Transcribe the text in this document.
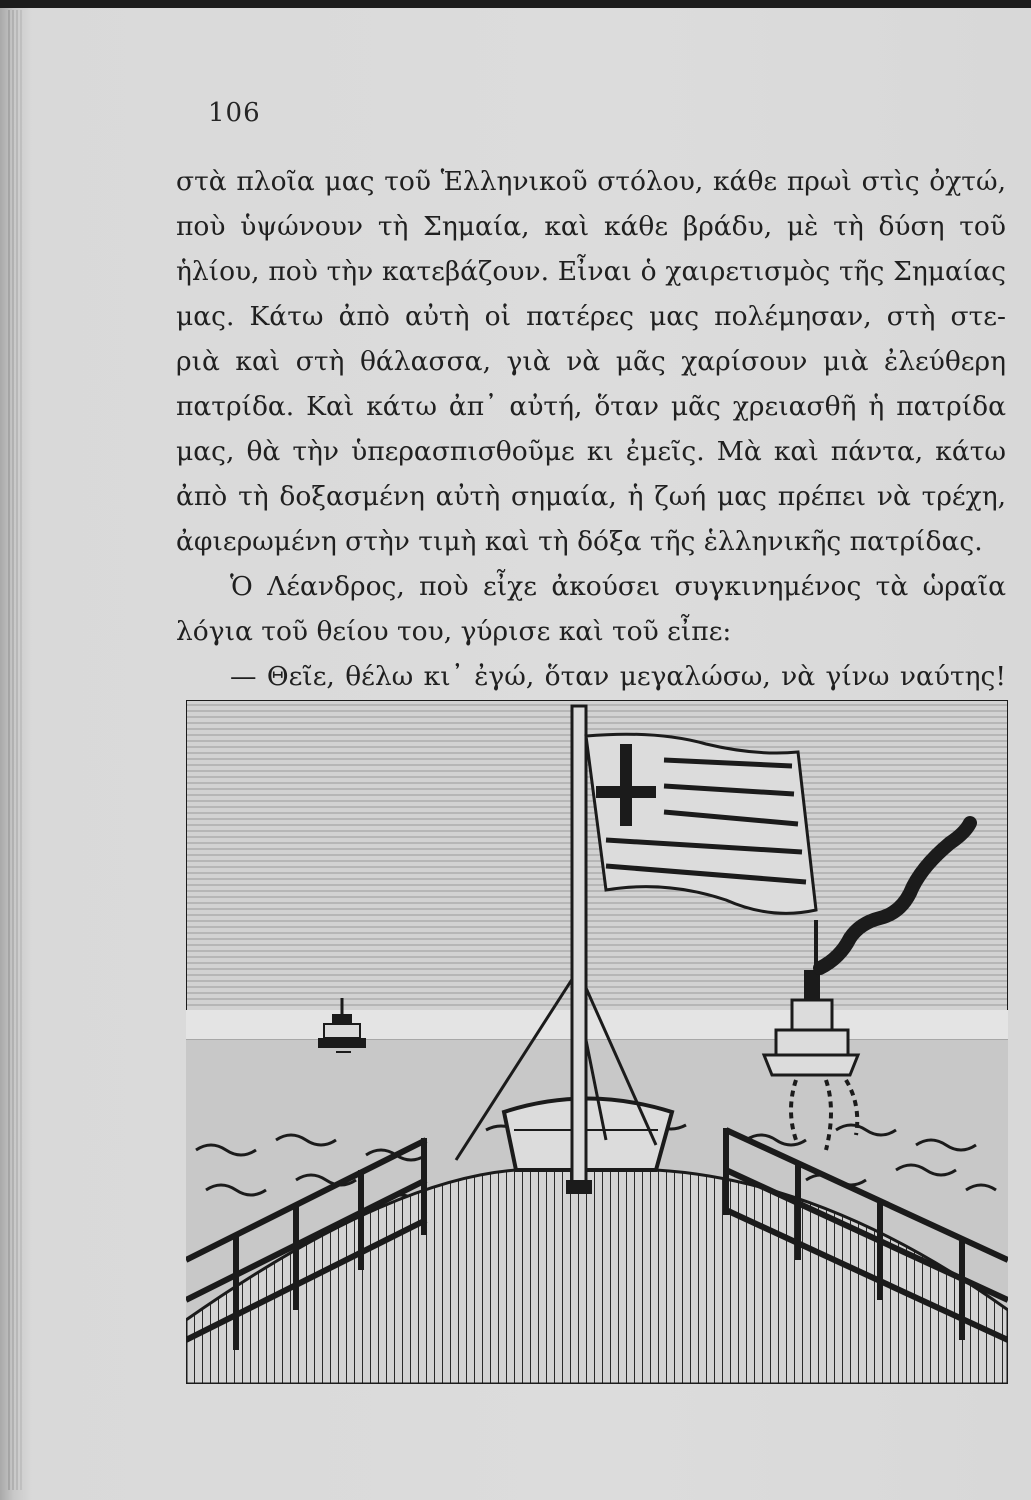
106
στὰ πλοῖα μας τοῦ Ἑλληνικοῦ στόλου, κάθε πρωὶ στὶς ὀχτώ,
ποὺ ὑψώνουν τὴ Σημαία, καὶ κάθε βράδυ, μὲ τὴ δύση τοῦ
ἡλίου, ποὺ τὴν κατεβάζουν. Εἶναι ὁ χαιρετισμὸς τῆς Σημαίας
μας. Κάτω ἀπὸ αὐτὴ οἱ πατέρες μας πολέμησαν, στὴ στε-
ριὰ καὶ στὴ θάλασσα, γιὰ νὰ μᾶς χαρίσουν μιὰ ἐλεύθερη
πατρίδα. Καὶ κάτω ἀπ᾽ αὐτή, ὅταν μᾶς χρειασθῆ ἡ πατρίδα
μας, θὰ τὴν ὑπερασπισθοῦμε κι ἐμεῖς. Μὰ καὶ πάντα, κάτω
ἀπὸ τὴ δοξασμένη αὐτὴ σημαία, ἡ ζωή μας πρέπει νὰ τρέχη,
ἀφιερωμένη στὴν τιμὴ καὶ τὴ δόξα τῆς ἑλληνικῆς πατρίδας.
Ὁ Λέανδρος, ποὺ εἶχε ἀκούσει συγκινημένος τὰ ὡραῖα
λόγια τοῦ θείου του, γύρισε καὶ τοῦ εἶπε:
— Θεῖε, θέλω κι᾽ ἐγώ, ὅταν μεγαλώσω, νὰ γίνω ναύτης!
